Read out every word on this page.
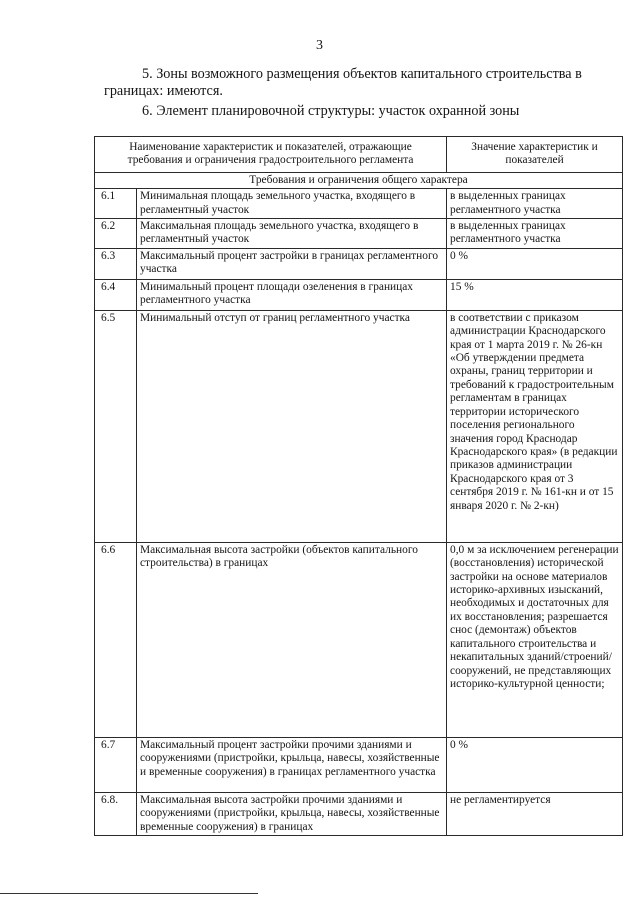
3
5. Зоны возможного размещения объектов капитального строительства в границах: имеются.
6. Элемент планировочной структуры: участок охранной зоны
Наименование характеристик и показателей, отражающие требования и ограничения градостроительного регламента		Значение характеристик и показателей
Требования и ограничения общего характера		
6.1	Минимальная площадь земельного участка, входящего в регламентный участок	в выделенных границах регламентного участка
6.2	Максимальная площадь земельного участка, входящего в регламентный участок	в выделенных границах регламентного участка
6.3	Максимальный процент застройки в границах регламентного участка	0 %
6.4	Минимальный процент площади озеленения в границах регламентного участка	15 %
6.5	Минимальный отступ от границ регламентного участка	в соответствии с приказом администрации Краснодарского края от 1 марта 2019 г. № 26-кн «Об утверждении предмета охраны, границ территории и требований к градостроительным регламентам в границах территории исторического поселения регионального значения город Краснодар Краснодарского края» (в редакции приказов администрации Краснодарского края от 3 сентября 2019 г. № 161-кн и от 15 января 2020 г. № 2-кн)
6.6	Максимальная высота застройки (объектов капитального строительства) в границах	0,0 м за исключением регенерации (восстановления) исторической застройки на основе материалов историко-архивных изысканий, необходимых и достаточных для их восстановления; разрешается снос (демонтаж) объектов капитального строительства и некапитальных зданий/строений/сооружений, не представляющих историко-культурной ценности;
6.7	Максимальный процент застройки прочими зданиями и сооружениями (пристройки, крыльца, навесы, хозяйственные и временные сооружения) в границах регламентного участка	0 %
6.8.	Максимальная высота застройки прочими зданиями и сооружениями (пристройки, крыльца, навесы, хозяйственные временные сооружения) в границах	не регламентируется
